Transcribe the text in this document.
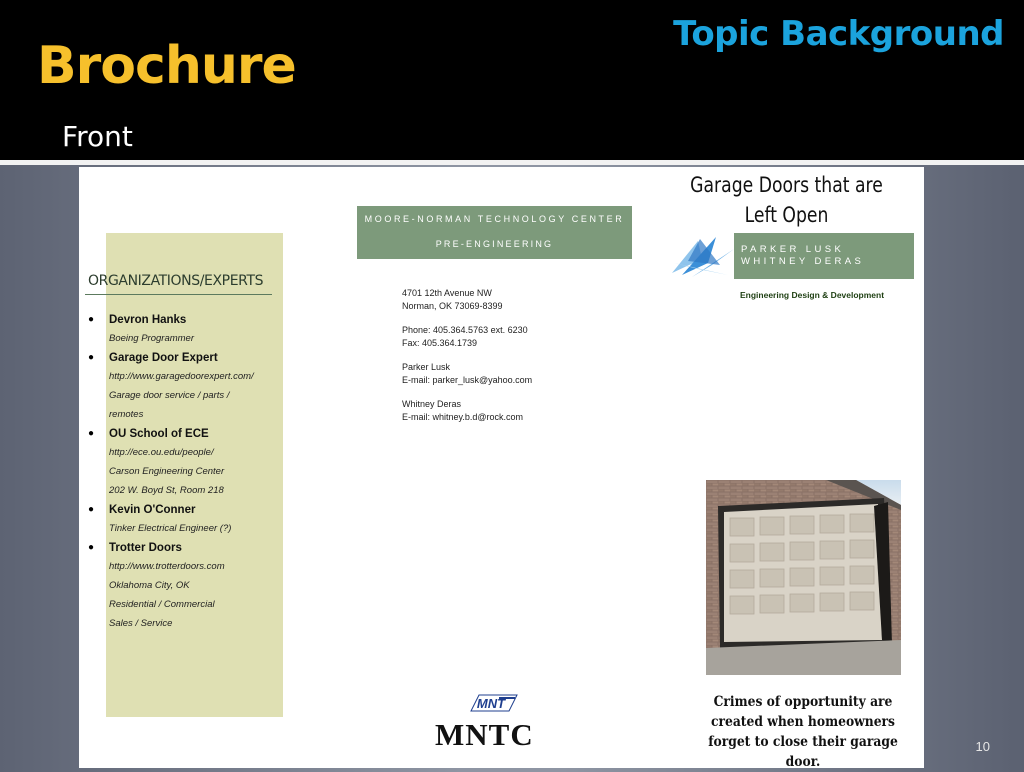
Brochure
Topic Background
Front
ORGANIZATIONS/EXPERTS
● Devron Hanks
Boeing Programmer
● Garage Door Expert
http://www.garagedoorexpert.com/
Garage door service / parts /
remotes
● OU School of ECE
http://ece.ou.edu/people/
Carson Engineering Center
202 W. Boyd St, Room 218
● Kevin O'Conner
Tinker Electrical Engineer (?)
● Trotter Doors
http://www.trotterdoors.com
Oklahoma City, OK
Residential / Commercial
Sales / Service
MOORE-NORMAN TECHNOLOGY CENTER
PRE-ENGINEERING
4701 12th Avenue NW
Norman, OK 73069-8399
Phone: 405.364.5763 ext. 6230
Fax: 405.364.1739
Parker Lusk
E-mail: parker_lusk@yahoo.com
Whitney Deras
E-mail: whitney.b.d@rock.com
MNT
MNTC
Garage Doors that are Left Open
PARKER LUSK
WHITNEY DERAS
Engineering Design & Development
Crimes of opportunity are created when homeowners forget to close their garage door.
10
